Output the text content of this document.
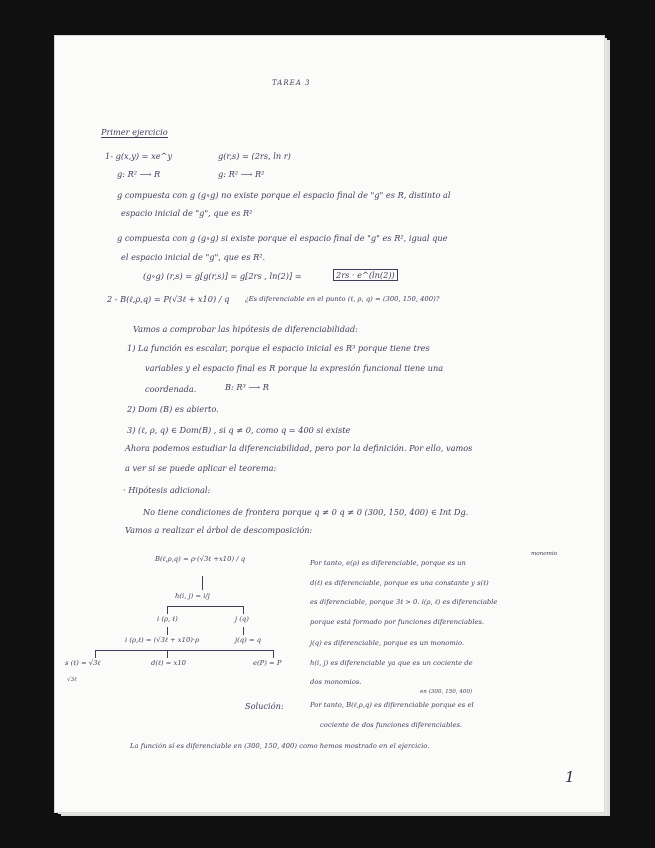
TAREA 3
Primer ejercicio
1- g(x,y) = xe^y	g(r,s) = (2rs, ln r)
g: R² ⟶ R	g: R² ⟶ R²
g compuesta con g (g∘g) no existe porque el espacio final de "g" es R, distinto al
espacio inicial de "g", que es R²
g compuesta con g (g∘g) si existe porque el espacio final de "g" es R², igual que
el espacio inicial de "g", que es R².
(g∘g) (r,s) = g[g(r,s)] = g[2rs , ln(2)] =	2rs · e^(ln(2))
2 - B(ℓ,ρ,q) = P(√3ℓ + x10) / q ¿Es diferenciable en el punto (ℓ, ρ, q) = (300, 150, 400)?
Vamos a comprobar las hipótesis de diferenciabilidad:
1) La función es escalar, porque el espacio inicial es R³ porque tiene tres
variables y el espacio final es R porque la expresión funcional tiene una
coordenada.	B: R³ ⟶ R
2) Dom (B) es abierto.
3) (ℓ, ρ, q) ∈ Dom(B) , si q ≠ 0, como q = 400 si existe
Ahora podemos estudiar la diferenciabilidad, pero por la definición. Por ello, vamos
a ver si se puede aplicar el teorema:
· Hipótesis adicional:
No tiene condiciones de frontera porque q ≠ 0 q ≠ 0 (300, 150, 400) ∈ Int Dg.
Vamos a realizar el árbol de descomposición:
B(ℓ,ρ,q) = ρ·(√3ℓ +x10) / q
h(i, j) = i/j
i (ρ, ℓ)	j (q)
i (ρ,ℓ) = (√3ℓ + x10)·ρ	j(q) = q
s (ℓ) = √3ℓ	d(ℓ) = x10	e(P) = P
√3ℓ
Por tanto, e(ρ) es diferenciable, porque es un
monomio
d(ℓ) es diferenciable, porque es una constante y s(ℓ)
es diferenciable, porque 3ℓ > 0. i(ρ, ℓ) es diferenciable
porque está formado por funciones diferenciables.
j(q) es diferenciable, porque es un monomio.
h(i, j) es diferenciable ya que es un cociente de
dos monomios.
Solución:
en (300, 150, 400)
Por tanto, B(ℓ,ρ,q) es diferenciable porque es el
cociente de dos funciones diferenciables.
La función sí es diferenciable en (300, 150, 400) como hemos mostrado en el ejercicio.
1
